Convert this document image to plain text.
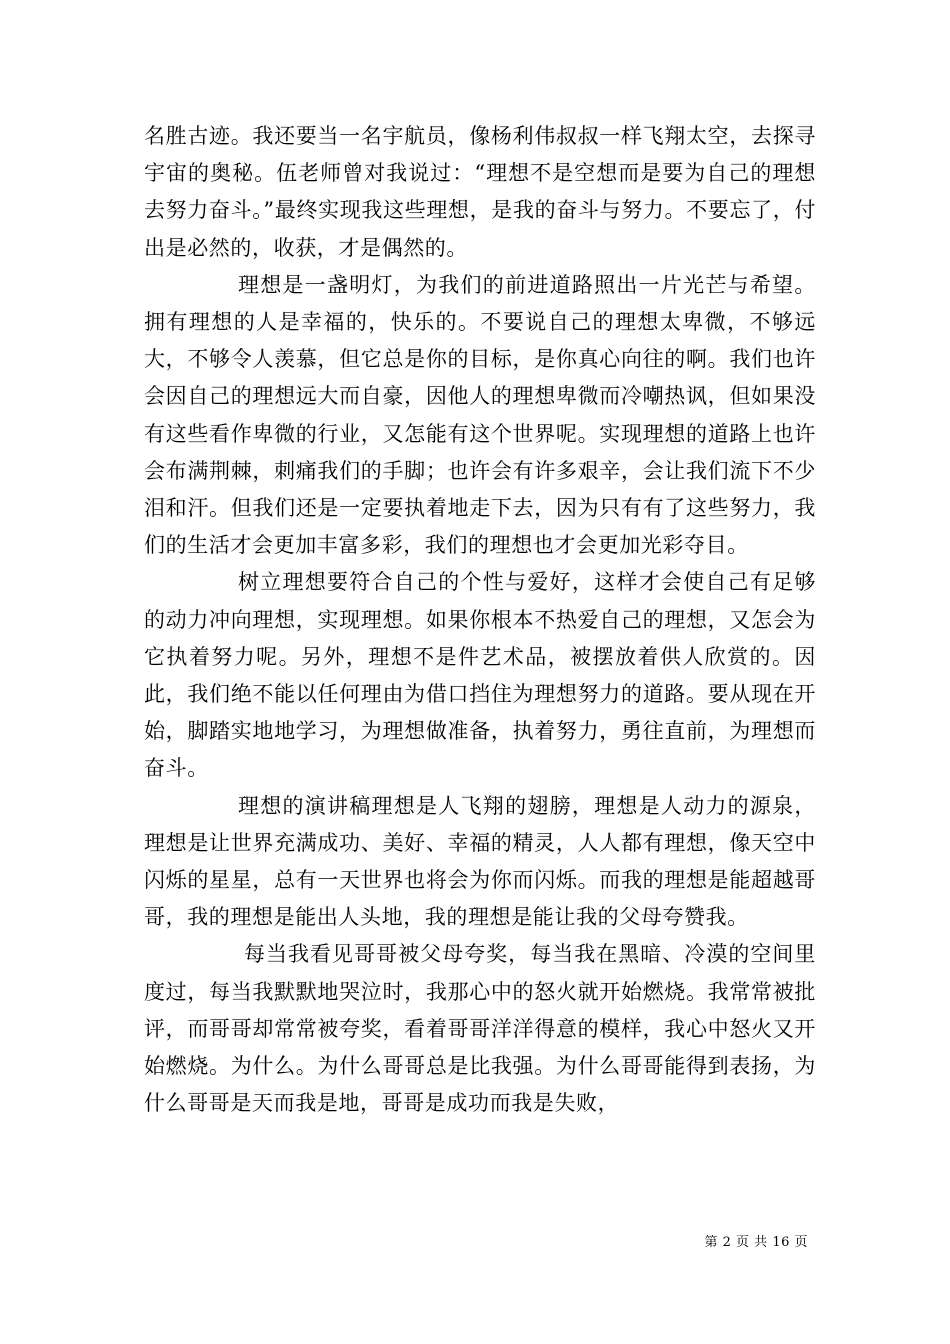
名胜古迹。我还要当一名宇航员，像杨利伟叔叔一样飞翔太空，去探寻宇宙的奥秘。伍老师曾对我说过：“理想不是空想而是要为自己的理想去努力奋斗。”最终实现我这些理想，是我的奋斗与努力。不要忘了，付出是必然的，收获，才是偶然的。

理想是一盏明灯，为我们的前进道路照出一片光芒与希望。拥有理想的人是幸福的，快乐的。不要说自己的理想太卑微，不够远大，不够令人羡慕，但它总是你的目标，是你真心向往的啊。我们也许会因自己的理想远大而自豪，因他人的理想卑微而冷嘲热讽，但如果没有这些看作卑微的行业，又怎能有这个世界呢。实现理想的道路上也许会布满荆棘，刺痛我们的手脚；也许会有许多艰辛，会让我们流下不少泪和汗。但我们还是一定要执着地走下去，因为只有有了这些努力，我们的生活才会更加丰富多彩，我们的理想也才会更加光彩夺目。

树立理想要符合自己的个性与爱好，这样才会使自己有足够的动力冲向理想，实现理想。如果你根本不热爱自己的理想，又怎会为它执着努力呢。另外，理想不是件艺术品，被摆放着供人欣赏的。因此，我们绝不能以任何理由为借口挡住为理想努力的道路。要从现在开始，脚踏实地地学习，为理想做准备，执着努力，勇往直前，为理想而奋斗。

理想的演讲稿理想是人飞翔的翅膀，理想是人动力的源泉，理想是让世界充满成功、美好、幸福的精灵，人人都有理想，像天空中闪烁的星星，总有一天世界也将会为你而闪烁。而我的理想是能超越哥哥，我的理想是能出人头地，我的理想是能让我的父母夸赞我。

每当我看见哥哥被父母夸奖，每当我在黑暗、冷漠的空间里度过，每当我默默地哭泣时，我那心中的怒火就开始燃烧。我常常被批评，而哥哥却常常被夸奖，看着哥哥洋洋得意的模样，我心中怒火又开始燃烧。为什么。为什么哥哥总是比我强。为什么哥哥能得到表扬，为什么哥哥是天而我是地，哥哥是成功而我是失败，

第 2 页 共 16 页
